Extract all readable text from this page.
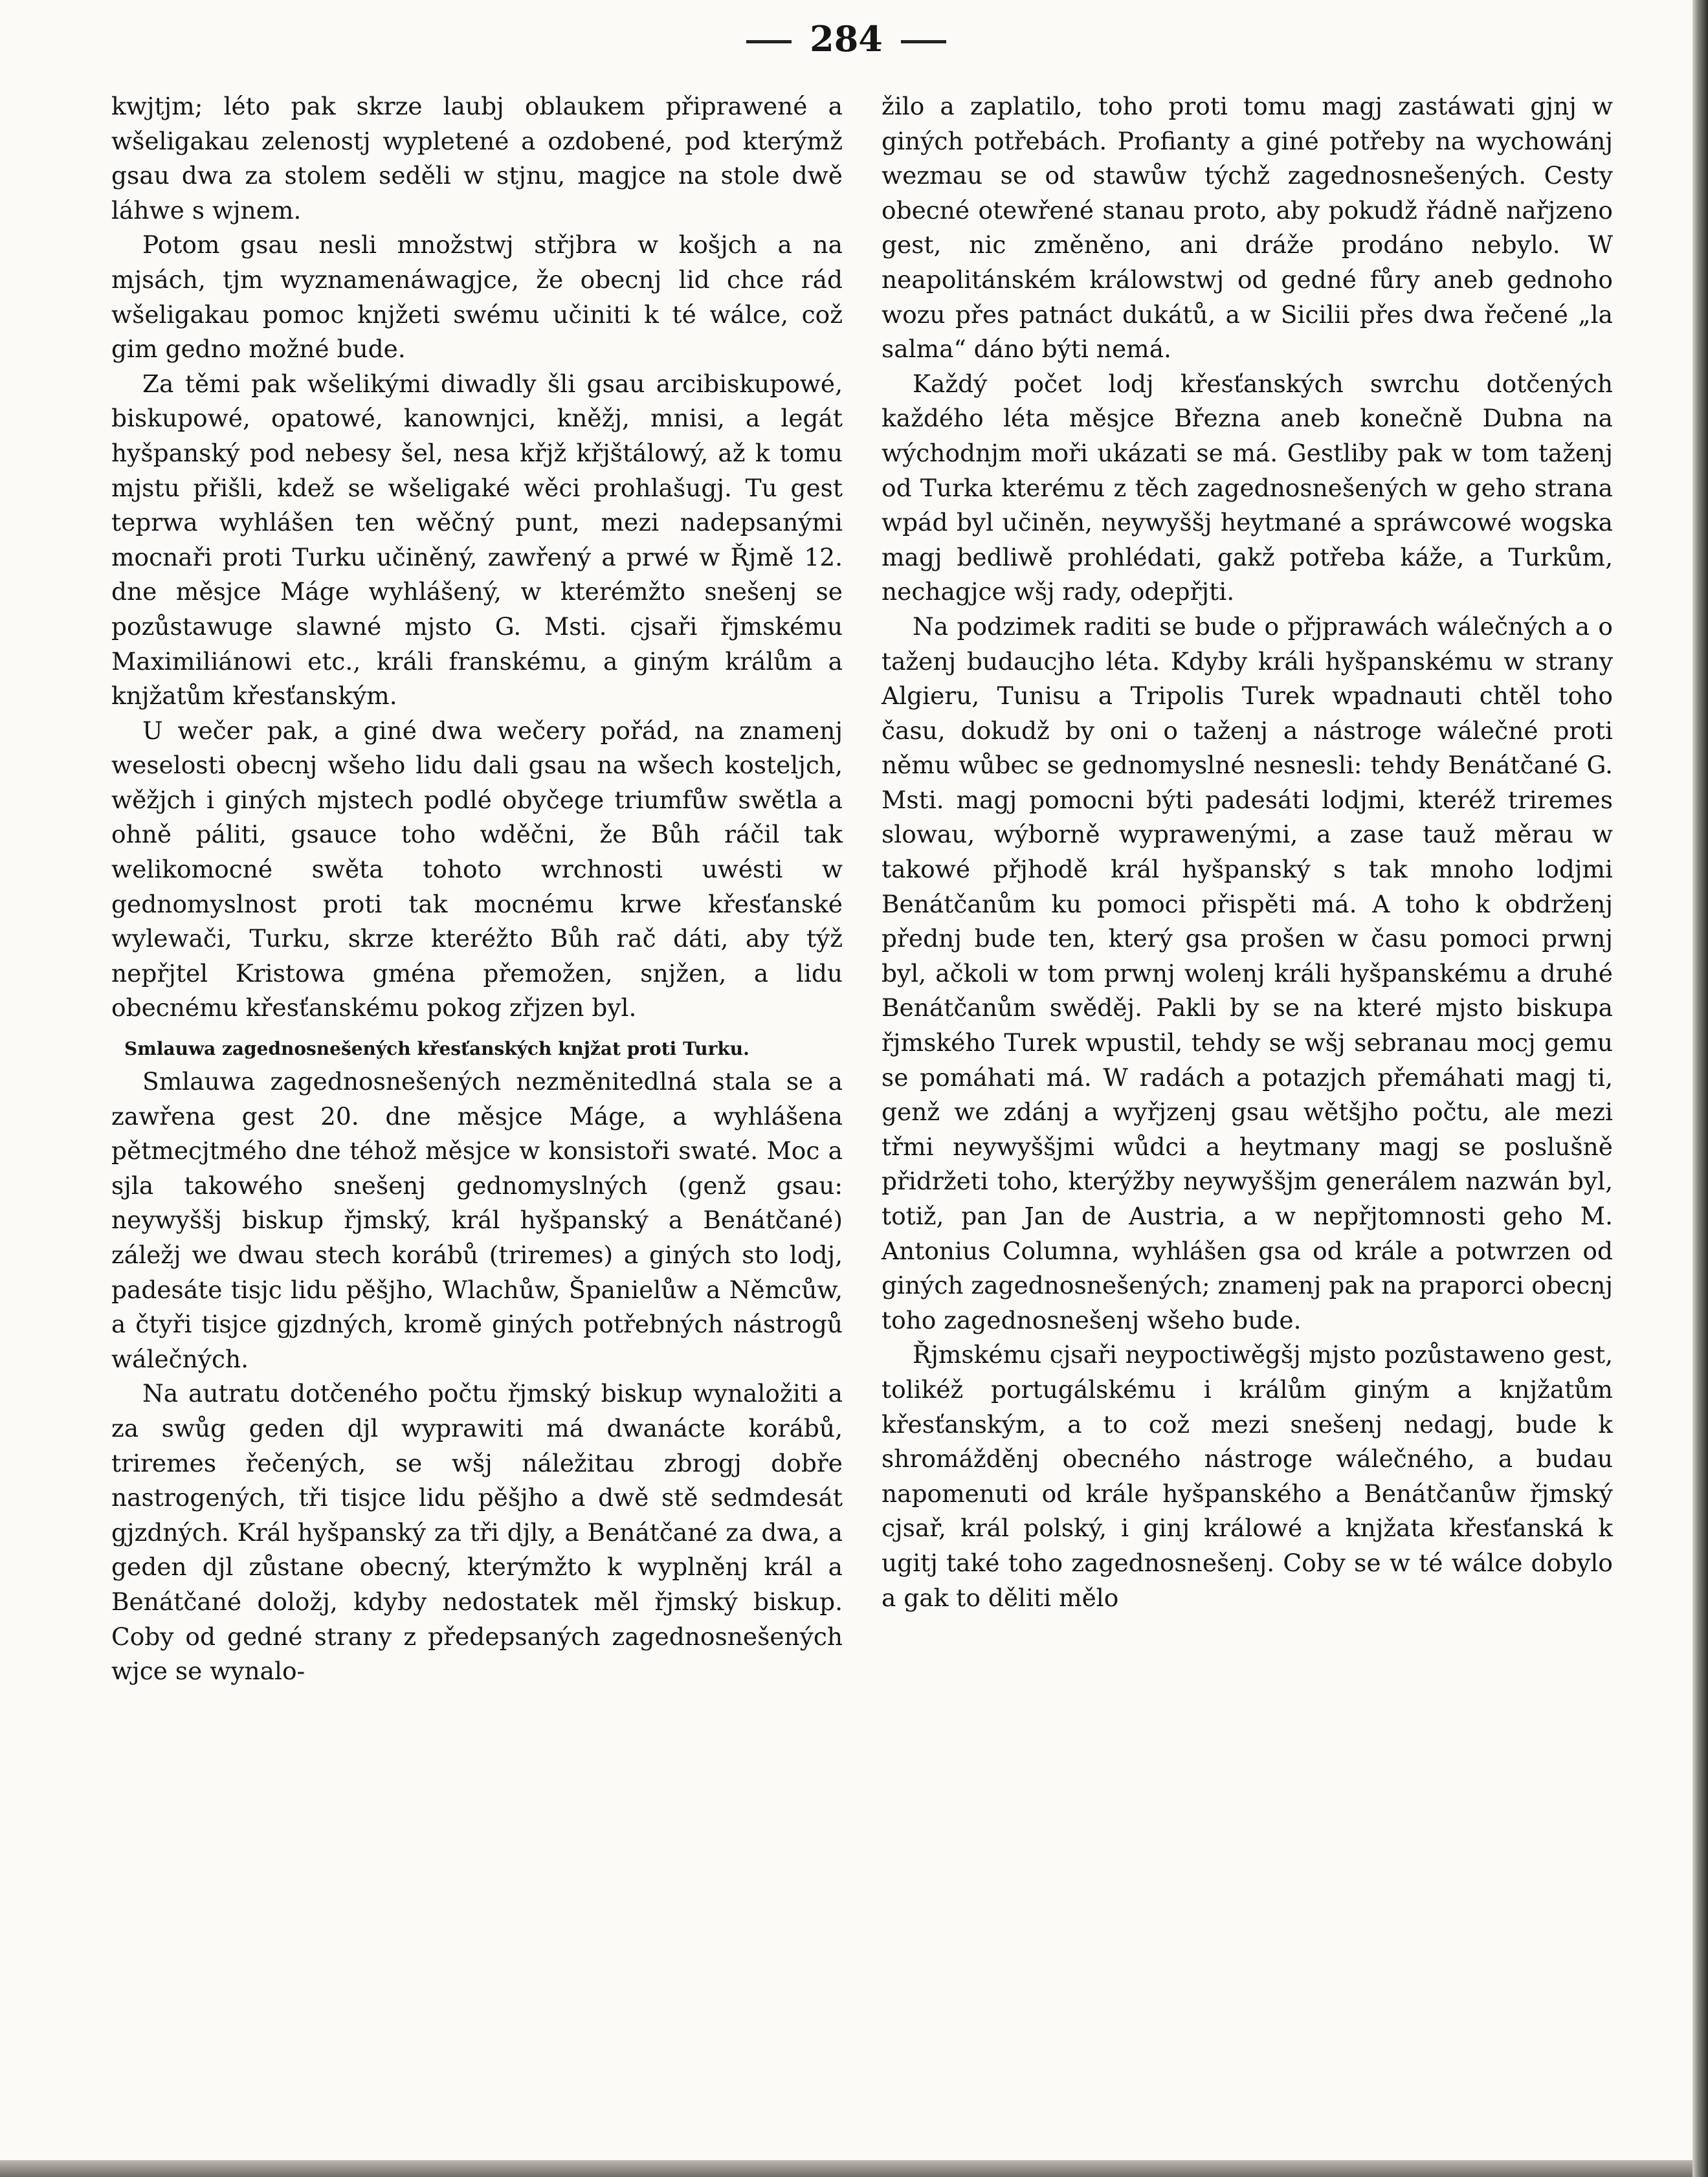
284

kwjtjm; léto pak skrze laubj oblaukem připrawené a wšeligakau zelenostj wypletené a ozdobené, pod kterýmž gsau dwa za stolem seděli w stjnu, magjce na stole dwě láhwe s wjnem.

Potom gsau nesli množstwj střjbra w košjch a na mjsách, tjm wyznamenáwagjce, že obecnj lid chce rád wšeligakau pomoc knjžeti swému učiniti k té wálce, což gim gedno možné bude.

Za těmi pak wšelikými diwadly šli gsau arcibiskupowé, biskupowé, opatowé, kanownjci, kněžj, mnisi, a legát hyšpanský pod nebesy šel, nesa křjž křjštálowý, až k tomu mjstu přišli, kdež se wšeligaké wěci prohlašugj. Tu gest teprwa wyhlášen ten wěčný punt, mezi nadepsanými mocnaři proti Turku učiněný, zawřený a prwé w Řjmě 12. dne měsjce Máge wyhlášený, w kterémžto snešenj se pozůstawuge slawné mjsto G. Msti. cjsaři řjmskému Maximiliánowi etc., králi franskému, a giným králům a knjžatům křesťanským.

U wečer pak, a giné dwa wečery pořád, na znamenj weselosti obecnj wšeho lidu dali gsau na wšech kosteljch, wěžjch i giných mjstech podlé obyčege triumfůw swětla a ohně páliti, gsauce toho wděčni, že Bůh ráčil tak welikomocné swěta tohoto wrchnosti uwésti w gednomyslnost proti tak mocnému krwe křesťanské wylewači, Turku, skrze kteréžto Bůh rač dáti, aby týž nepřjtel Kristowa gména přemožen, snjžen, a lidu obecnému křesťanskému pokog zřjzen byl.

Smlauwa zagednosnešených křesťanských knjžat proti Turku.

Smlauwa zagednosnešených nezměnitedlná stala se a zawřena gest 20. dne měsjce Máge, a wyhlášena pětmecjtmého dne téhož měsjce w konsistoři swaté. Moc a sjla takowého snešenj gednomyslných (genž gsau: neywyššj biskup řjmský, král hyšpanský a Benátčané) záležj we dwau stech korábů (triremes) a giných sto lodj, padesáte tisjc lidu pěšjho, Wlachůw, Španielůw a Němcůw, a čtyři tisjce gjzdných, kromě giných potřebných nástrogů wálečných.

Na autratu dotčeného počtu řjmský biskup wynaložiti a za swůg geden djl wyprawiti má dwanácte korábů, triremes řečených, se wšj náležitau zbrogj dobře nastrogených, tři tisjce lidu pěšjho a dwě stě sedmdesát gjzdných. Král hyšpanský za tři djly, a Benátčané za dwa, a geden djl zůstane obecný, kterýmžto k wyplněnj král a Benátčané doložj, kdyby nedostatek měl řjmský biskup. Coby od gedné strany z předepsaných zagednosnešených wjce se wynalo-

žilo a zaplatilo, toho proti tomu magj zastáwati gjnj w giných potřebách. Profianty a giné potřeby na wychowánj wezmau se od stawůw týchž zagednosnešených. Cesty obecné otewřené stanau proto, aby pokudž řádně nařjzeno gest, nic změněno, ani dráže prodáno nebylo. W neapolitánském králowstwj od gedné fůry aneb gednoho wozu přes patnáct dukátů, a w Sicilii přes dwa řečené „la salma“ dáno býti nemá.

Každý počet lodj křesťanských swrchu dotčených každého léta měsjce Března aneb konečně Dubna na wýchodnjm moři ukázati se má. Gestliby pak w tom taženj od Turka kterému z těch zagednosnešených w geho strana wpád byl učiněn, neywyššj heytmané a spráwcowé wogska magj bedliwě prohlédati, gakž potřeba káže, a Turkům, nechagjce wšj rady, odepřjti.

Na podzimek raditi se bude o přjprawách wálečných a o taženj budaucjho léta. Kdyby králi hyšpanskému w strany Algieru, Tunisu a Tripolis Turek wpadnauti chtěl toho času, dokudž by oni o taženj a nástroge wálečné proti němu wůbec se gednomyslné nesnesli: tehdy Benátčané G. Msti. magj pomocni býti padesáti lodjmi, kteréž triremes slowau, wýborně wyprawenými, a zase tauž měrau w takowé přjhodě král hyšpanský s tak mnoho lodjmi Benátčanům ku pomoci přispěti má. A toho k obdrženj přednj bude ten, který gsa prošen w času pomoci prwnj byl, ačkoli w tom prwnj wolenj králi hyšpanskému a druhé Benátčanům swěděj. Pakli by se na které mjsto biskupa řjmského Turek wpustil, tehdy se wšj sebranau mocj gemu se pomáhati má. W radách a potazjch přemáhati magj ti, genž we zdánj a wyřjzenj gsau wětšjho počtu, ale mezi třmi neywyššjmi wůdci a heytmany magj se poslušně přidržeti toho, kterýžby neywyššjm generálem nazwán byl, totiž, pan Jan de Austria, a w nepřjtomnosti geho M. Antonius Columna, wyhlášen gsa od krále a potwrzen od giných zagednosnešených; znamenj pak na praporci obecnj toho zagednosnešenj wšeho bude.

Řjmskému cjsaři neypoctiwěgšj mjsto pozůstaweno gest, tolikéž portugálskému i králům giným a knjžatům křesťanským, a to což mezi snešenj nedagj, bude k shromážděnj obecného nástroge wálečného, a budau napomenuti od krále hyšpanského a Benátčanůw řjmský cjsař, král polský, i ginj králowé a knjžata křesťanská k ugitj také toho zagednosnešenj. Coby se w té wálce dobylo a gak to děliti mělo
